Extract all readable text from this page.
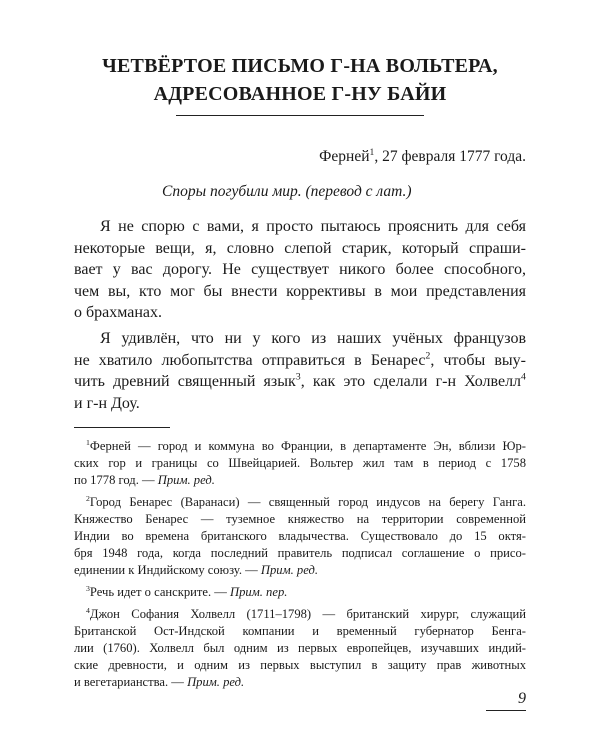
ЧЕТВЁРТОЕ ПИСЬМО Г-НА ВОЛЬТЕРА,
АДРЕСОВАННОЕ Г-НУ БАЙИ
Ферней$^1$, 27 февраля 1777 года.
Споры погубили мир. (перевод с лат.)

Я не спорю с вами, я просто пытаюсь прояснить для себя
некоторые вещи, я, словно слепой старик, который спраши-
вает у вас дорогу. Не существует никого более способного,
чем вы, кто мог бы внести коррективы в мои представления
о брахманах.

Я удивлён, что ни у кого из наших учёных французов
не хватило любопытства отправиться в Бенарес$^2$, чтобы выу-
чить древний священный язык$^3$, как это сделали г-н Холвелл$^4$
и г-н Доу.

$^1$Ферней — город и коммуна во Франции, в департаменте Эн, вблизи Юр-
ских гор и границы со Швейцарией. Вольтер жил там в период с 1758
по 1778 год. — Прим. ред.
$^2$Город Бенарес (Варанаси) — священный город индусов на берегу Ганга.
Княжество Бенарес — туземное княжество на территории современной
Индии во времена британского владычества. Существовало до 15 октя-
бря 1948 года, когда последний правитель подписал соглашение о присо-
единении к Индийскому союзу. — Прим. ред.
$^3$Речь идет о санскрите. — Прим. пер.
$^4$Джон Софания Холвелл (1711–1798) — британский хирург, служащий
Британской Ост-Индской компании и временный губернатор Бенга-
лии (1760). Холвелл был одним из первых европейцев, изучавших индий-
ские древности, и одним из первых выступил в защиту прав животных
и вегетарианства. — Прим. ред.
9
